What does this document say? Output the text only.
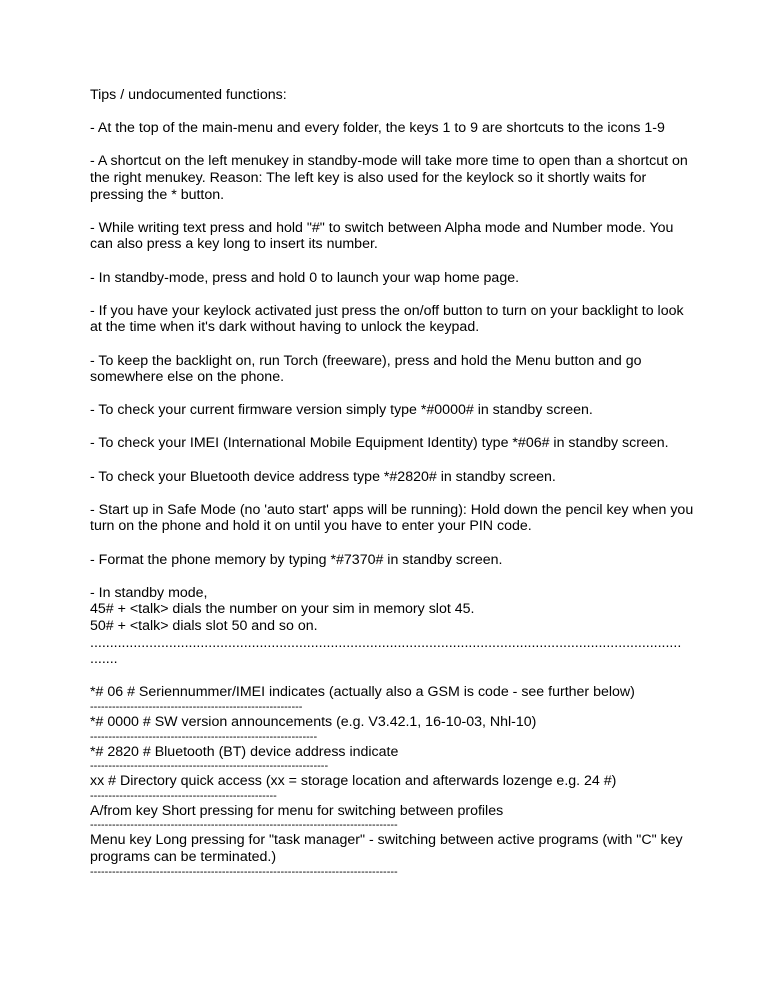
Tips / undocumented functions:

- At the top of the main-menu and every folder, the keys 1 to 9 are shortcuts to the icons 1-9
- A shortcut on the left menukey in standby-mode will take more time to open than a shortcut on
the right menukey. Reason: The left key is also used for the keylock so it shortly waits for
pressing the * button.
- While writing text press and hold "#" to switch between Alpha mode and Number mode. You
can also press a key long to insert its number.
- In standby-mode, press and hold 0 to launch your wap home page.
- If you have your keylock activated just press the on/off button to turn on your backlight to look
at the time when it's dark without having to unlock the keypad.
- To keep the backlight on, run Torch (freeware), press and hold the Menu button and go
somewhere else on the phone.
- To check your current firmware version simply type *#0000# in standby screen.
- To check your IMEI (International Mobile Equipment Identity) type *#06# in standby screen.
- To check your Bluetooth device address type *#2820# in standby screen.
- Start up in Safe Mode (no 'auto start' apps will be running): Hold down the pencil key when you
turn on the phone and hold it on until you have to enter your PIN code.
- Format the phone memory by typing *#7370# in standby screen.
- In standby mode,
45# + <talk> dials the number on your sim in memory slot 45.
50# + <talk> dials slot 50 and so on.
......................................................................................................................................................
.......
*# 06 # Seriennummer/IMEI indicates (actually also a GSM is code - see further below)
----------------------------------------------------------
*# 0000 # SW version announcements (e.g. V3.42.1, 16-10-03, Nhl-10)
--------------------------------------------------------------
*# 2820 # Bluetooth (BT) device address indicate
-----------------------------------------------------------------
xx # Directory quick access (xx = storage location and afterwards lozenge e.g. 24 #)
---------------------------------------------------
A/from key Short pressing for menu for switching between profiles
------------------------------------------------------------------------------------
Menu key Long pressing for "task manager" - switching between active programs (with "C" key
programs can be terminated.)
------------------------------------------------------------------------------------
